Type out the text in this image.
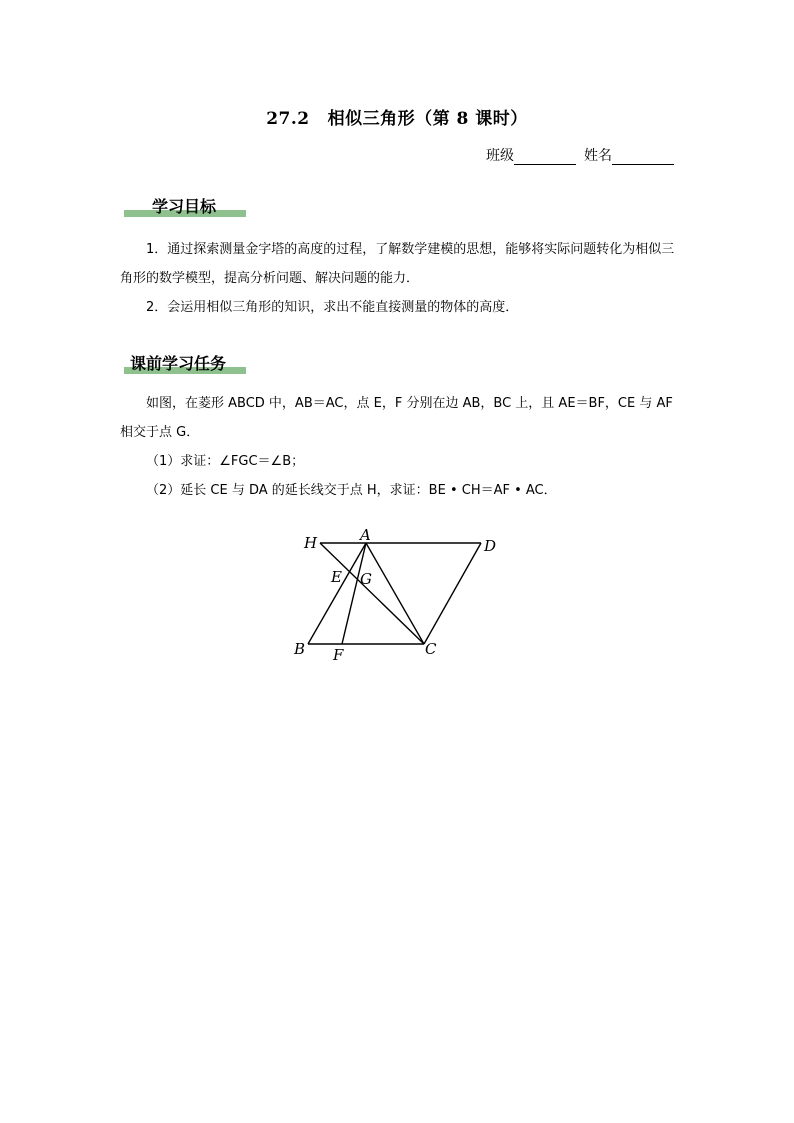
27.2 相似三角形（第 8 课时）
班级	姓名
学习目标

1．通过探索测量金字塔的高度的过程，了解数学建模的思想，能够将实际问题转化为相似三角形的数学模型，提高分析问题、解决问题的能力．

2．会运用相似三角形的知识，求出不能直接测量的物体的高度．

课前学习任务

如图，在菱形 ABCD 中，AB＝AC，点 E，F 分别在边 AB，BC 上，且 AE＝BF，CE 与 AF 相交于点 G．

（1）求证：∠FGC＝∠B；

（2）延长 CE 与 DA 的延长线交于点 H，求证：BE • CH＝AF • AC．

H	A
D
E G
B F	C
